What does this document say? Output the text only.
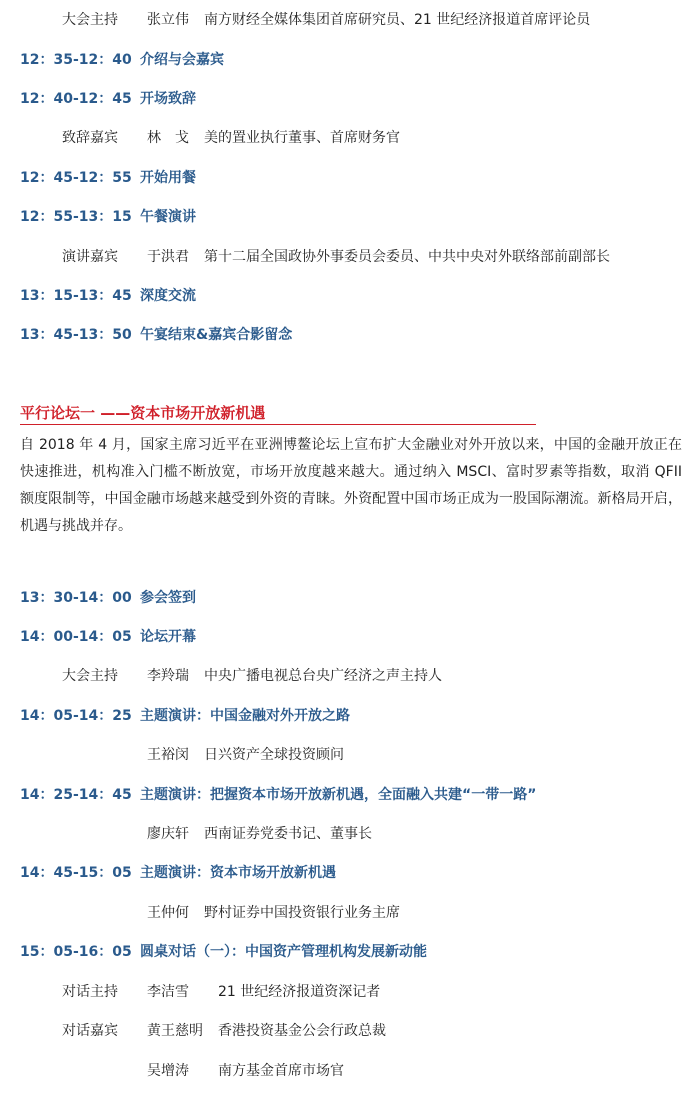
大会主持 张立伟 南方财经全媒体集团首席研究员、21 世纪经济报道首席评论员
12：35-12：40 介绍与会嘉宾
12：40-12：45 开场致辞
致辞嘉宾 林　戈 美的置业执行董事、首席财务官
12：45-12：55 开始用餐
12：55-13：15 午餐演讲
演讲嘉宾 于洪君 第十二届全国政协外事委员会委员、中共中央对外联络部前副部长
13：15-13：45 深度交流
13：45-13：50 午宴结束&嘉宾合影留念
平行论坛一 ——资本市场开放新机遇
自 2018 年 4 月，国家主席习近平在亚洲博鳌论坛上宣布扩大金融业对外开放以来，中国的金融开放正在快速推进，机构准入门槛不断放宽，市场开放度越来越大。通过纳入 MSCI、富时罗素等指数，取消 QFII 额度限制等，中国金融市场越来越受到外资的青睐。外资配置中国市场正成为一股国际潮流。新格局开启，机遇与挑战并存。
13：30-14：00 参会签到
14：00-14：05 论坛开幕
大会主持 李羚瑞 中央广播电视总台央广经济之声主持人
14：05-14：25 主题演讲：中国金融对外开放之路
王裕闵 日兴资产全球投资顾问
14：25-14：45 主题演讲：把握资本市场开放新机遇，全面融入共建“一带一路”
廖庆轩 西南证券党委书记、董事长
14：45-15：05 主题演讲：资本市场开放新机遇
王仲何 野村证券中国投资银行业务主席
15：05-16：05 圆桌对话（一）：中国资产管理机构发展新动能
对话主持 李洁雪 21 世纪经济报道资深记者
对话嘉宾 黄王慈明 香港投资基金公会行政总裁
吴增涛 南方基金首席市场官
